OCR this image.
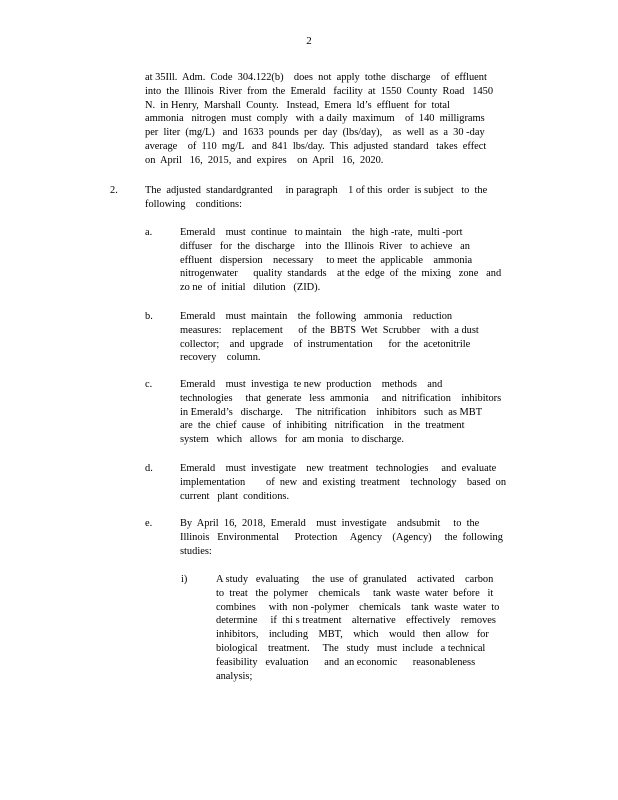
2
at 35Ill.  Adm.  Code  304.122(b)    does  not  apply  tothe  discharge    of  effluent
into  the  Illinois  River  from  the  Emerald   facility  at  1550  County  Road   1450
N.  in Henry,  Marshall  County.   Instead,  Emera  ld’s  effluent  for  total
ammonia   nitrogen  must  comply   with  a daily  maximum    of  140  milligrams
per  liter  (mg/L)   and  1633  pounds  per  day  (lbs/day),    as  well  as  a  30 -day
average    of  110  mg/L   and  841  lbs/day.  This  adjusted  standard   takes  effect
on  April   16,  2015,  and  expires    on  April   16,  2020.
2.	The  adjusted  standardgranted     in paragraph    1 of this  order  is subject   to  the
following    conditions:
a.	Emerald    must  continue   to maintain    the  high -rate,  multi -port
diffuser   for  the  discharge    into  the  Illinois  River   to achieve   an
effluent   dispersion    necessary     to meet  the  applicable    ammonia
nitrogenwater      quality  standards    at the  edge  of  the  mixing   zone   and
zo ne  of  initial   dilution   (ZID).
b.	Emerald    must  maintain    the  following   ammonia    reduction
measures:    replacement      of  the  BBTS  Wet  Scrubber    with  a dust
collector;    and  upgrade    of  instrumentation      for  the  acetonitrile
recovery    column.
c.	Emerald    must  investiga  te new  production    methods    and
technologies     that  generate   less  ammonia     and  nitrification    inhibitors
in Emerald’s   discharge.     The  nitrification    inhibitors   such  as MBT
are  the  chief  cause   of  inhibiting   nitrification    in  the  treatment
system   which   allows   for  am monia   to discharge.
d.	Emerald    must  investigate    new  treatment   technologies     and  evaluate
implementation        of  new  and  existing  treatment    technology    based  on
current   plant  conditions.
e.	By  April  16,  2018,  Emerald    must  investigate    andsubmit     to  the
Illinois   Environmental      Protection     Agency    (Agency)     the  following
studies:
i)	A study   evaluating     the  use  of  granulated    activated    carbon
to  treat   the  polymer    chemicals     tank  waste  water  before   it
combines     with  non -polymer    chemicals    tank  waste  water  to
determine     if  thi s treatment    alternative    effectively    removes
inhibitors,    including    MBT,    which    would   then  allow   for
biological    treatment.     The   study   must  include   a technical
feasibility   evaluation      and  an economic      reasonableness
analysis;
